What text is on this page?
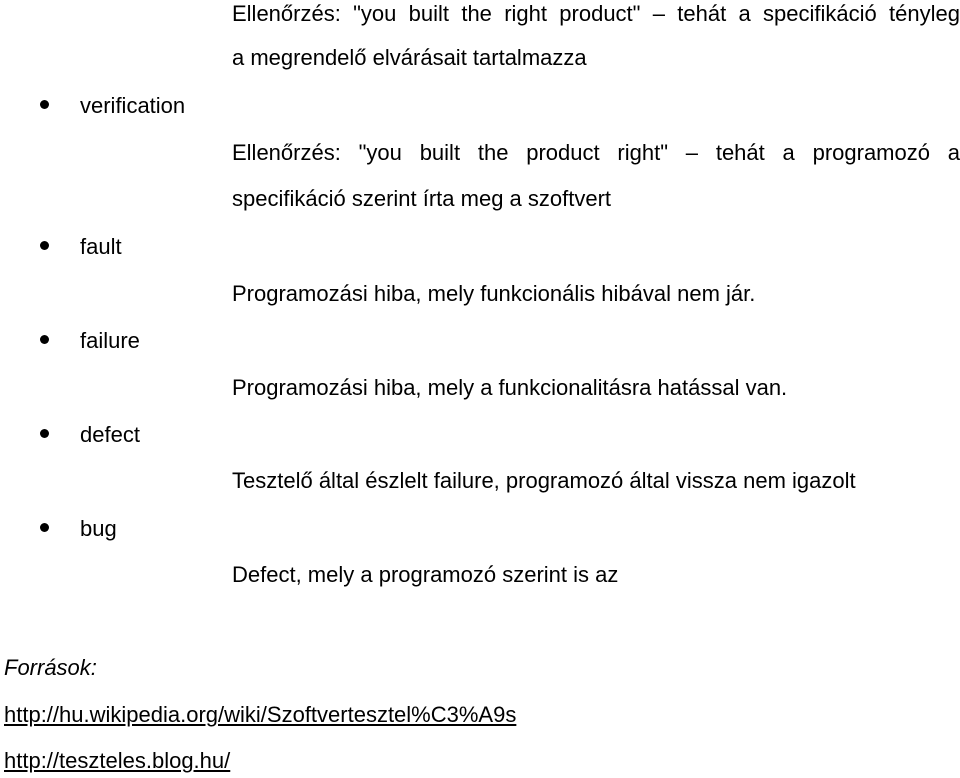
Ellenőrzés: "you built the right product" – tehát a specifikáció tényleg
a megrendelő elvárásait tartalmazza
Ellenőrzés: "you built the product right" – tehát a programozó a
specifikáció szerint írta meg a szoftvert
Programozási hiba, mely funkcionális hibával nem jár.
Programozási hiba, mely a funkcionalitásra hatással van.
Tesztelő által észlelt failure, programozó által vissza nem igazolt
Defect, mely a programozó szerint is az
verification
fault
failure
defect
bug
Források:
http://hu.wikipedia.org/wiki/Szoftvertesztel%C3%A9s
http://teszteles.blog.hu/
